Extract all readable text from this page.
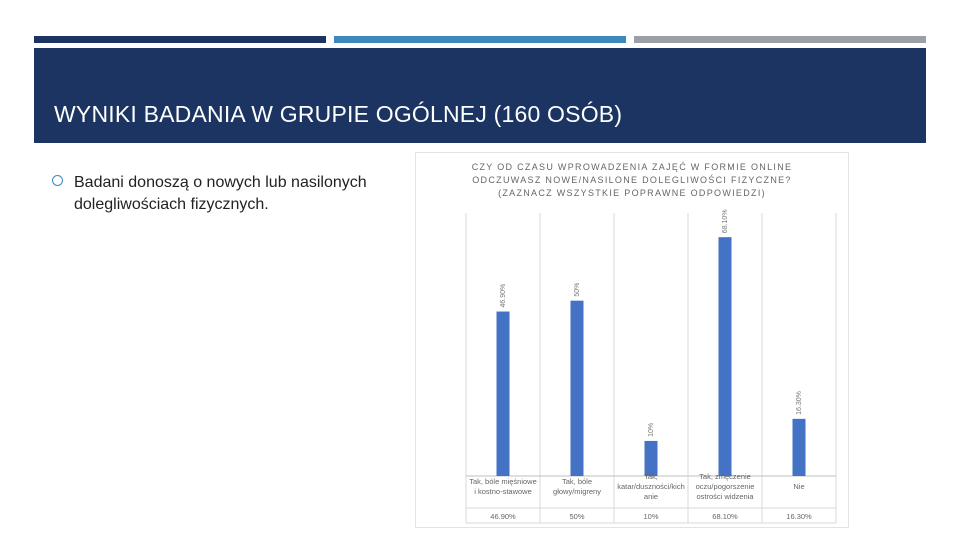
WYNIKI BADANIA W GRUPIE OGÓLNEJ (160 OSÓB)
Badani donoszą o nowych lub nasilonych dolegliwościach fizycznych.
CZY OD CZASU WPROWADZENIA ZAJĘĆ W FORMIE ONLINE
ODCZUWASZ NOWE/NASILONE DOLEGLIWOŚCI FIZYCZNE?
(ZAZNACZ WSZYSTKIE POPRAWNE ODPOWIEDZI)
46.90%
Tak, bóle mięśniowe
i kostno-stawowe
46.90%
50%
Tak, bóle
głowy/migreny
50%
10%
Tak,
katar/duszności/kich
anie
10%
68.10%
Tak, zmęczenie
oczu/pogorszenie
ostrości widzenia
68.10%
16.30%
Nie
16.30%
